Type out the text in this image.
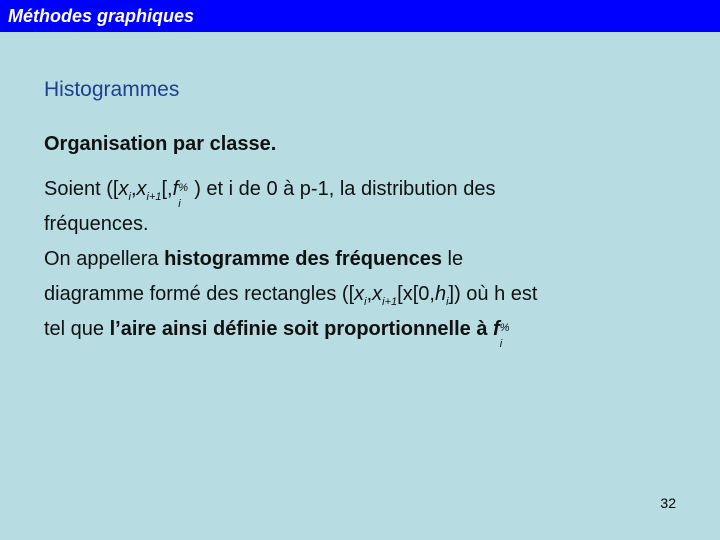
Méthodes graphiques
Histogrammes
Organisation par classe.
Soient ([$x_i,x_{i+1}[,f$ %
i
) et i de 0 à p-1, la distribution des
fréquences.
On appellera histogramme des fréquences le
diagramme formé des rectangles ([$x_i,x_{i+1}[x[0,h_i])$ où h est
tel que l’aire ainsi définie soit proportionnelle à f %
i
32
